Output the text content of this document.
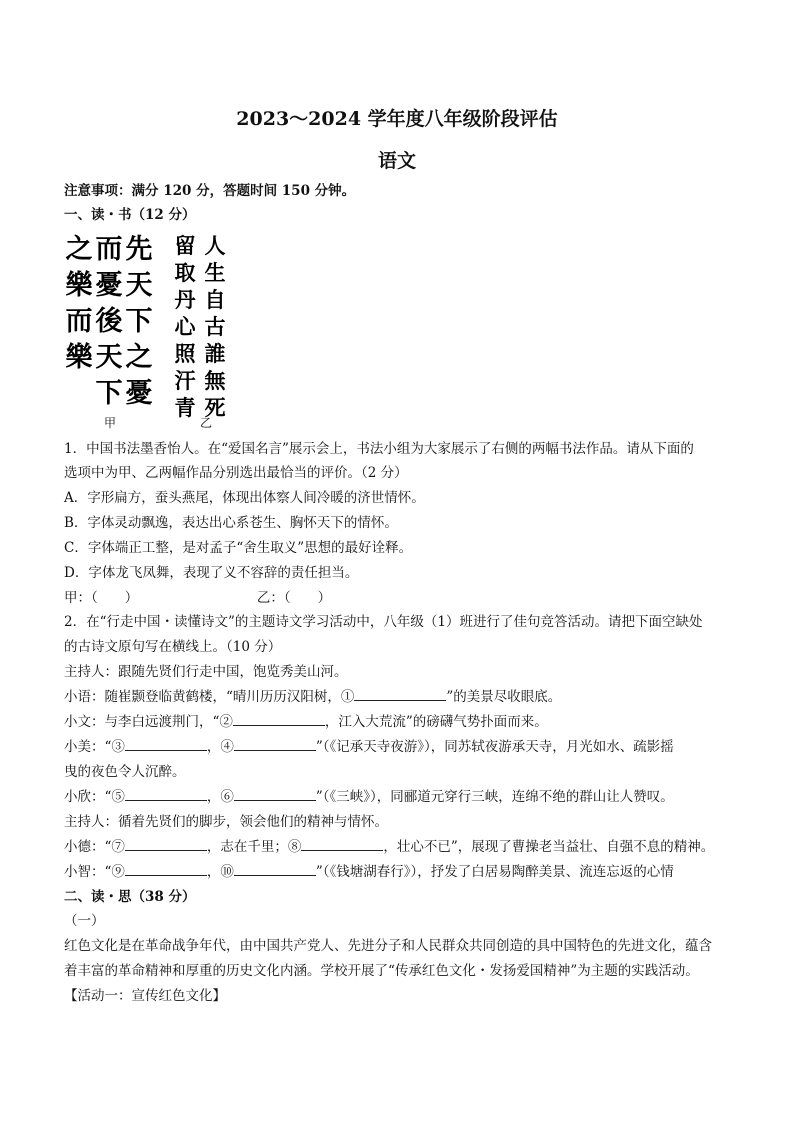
2023～2024 学年度八年级阶段评估
语文
注意事项：满分 120 分，答题时间 150 分钟。
一、读・书（12 分）
之
樂
而
樂
而
憂
後
天
下
先
天
下
之
憂
甲
留
取
丹
心
照
汗
青
人
生
自
古
誰
無
死
乙
1．中国书法墨香怡人。在“爱国名言”展示会上，书法小组为大家展示了右侧的两幅书法作品。请从下面的
选项中为甲、乙两幅作品分别选出最恰当的评价。（2 分）
A．字形扁方，蚕头燕尾，体现出体察人间冷暖的济世情怀。
B．字体灵动飘逸，表达出心系苍生、胸怀天下的情怀。
C．字体端正工整，是对孟子“舍生取义”思想的最好诠释。
D．字体龙飞凤舞，表现了义不容辞的责任担当。
甲：（　　）	乙：（　　）
2．在“行走中国・读懂诗文”的主题诗文学习活动中，八年级（1）班进行了佳句竞答活动。请把下面空缺处
的古诗文原句写在横线上。（10 分）
主持人：跟随先贤们行走中国，饱览秀美山河。
小语：随崔颢登临黄鹤楼，“晴川历历汉阳树，①	”的美景尽收眼底。
小文：与李白远渡荆门，“②	，江入大荒流”的磅礴气势扑面而来。
小美：“③	，④	”（《记承天寺夜游》），同苏轼夜游承天寺，月光如水、疏影摇
曳的夜色令人沉醉。
小欣：“⑤	，⑥	”（《三峡》），同郦道元穿行三峡，连绵不绝的群山让人赞叹。
主持人：循着先贤们的脚步，领会他们的精神与情怀。
小德：“⑦	，志在千里；⑧	，壮心不已”，展现了曹操老当益壮、自强不息的精神。
小智：“⑨	，⑩	”（《钱塘湖春行》），抒发了白居易陶醉美景、流连忘返的心情
二、读・思（38 分）
（一）
红色文化是在革命战争年代，由中国共产党人、先进分子和人民群众共同创造的具中国特色的先进文化，蕴含
着丰富的革命精神和厚重的历史文化内涵。学校开展了“传承红色文化・发扬爱国精神”为主题的实践活动。
【活动一：宣传红色文化】
